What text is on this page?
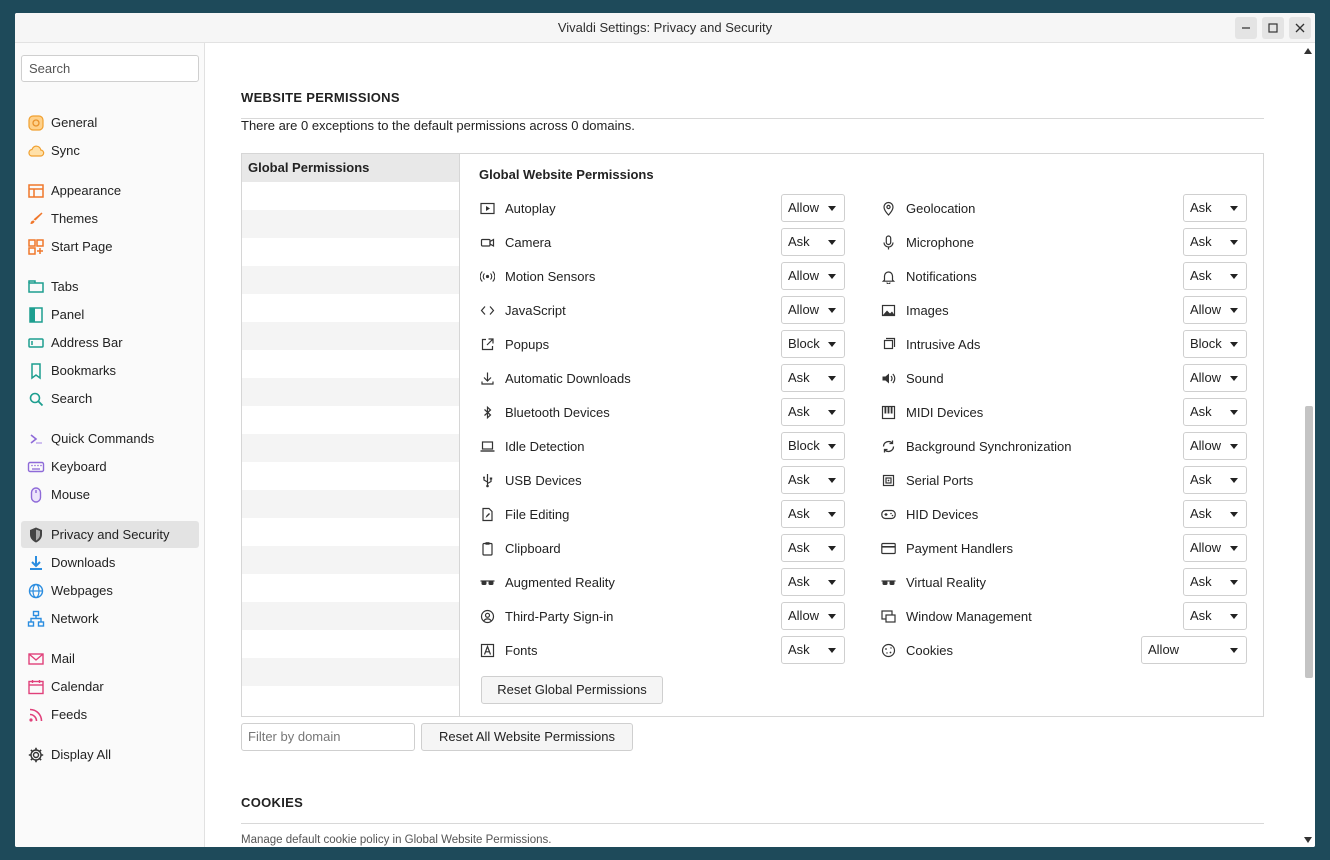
Vivaldi Settings: Privacy and Security
Search
General
Sync
Appearance
Themes
Start Page
Tabs
Panel
Address Bar
Bookmarks
Search
Quick Commands
Keyboard
Mouse
Privacy and Security
Downloads
Webpages
Network
Mail
Calendar
Feeds
Display All
WEBSITE PERMISSIONS
There are 0 exceptions to the default permissions across 0 domains.
Global Permissions	Global Website Permissions
Autoplay	Allow
Camera	Ask
Motion Sensors	Allow
JavaScript	Allow
Popups	Block
Automatic Downloads	Ask
Bluetooth Devices	Ask
Idle Detection	Block
USB Devices	Ask
File Editing	Ask
Clipboard	Ask
Augmented Reality	Ask
Third-Party Sign-in	Allow
Fonts	Ask
Geolocation	Ask
Microphone	Ask
Notifications	Ask
Images	Allow
Intrusive Ads	Block
Sound	Allow
MIDI Devices	Ask
Background Synchronization	Allow
Serial Ports	Ask
HID Devices	Ask
Payment Handlers	Allow
Virtual Reality	Ask
Window Management	Ask
Cookies	Allow
Reset Global Permissions
Filter by domain	Reset All Website Permissions
COOKIES
Manage default cookie policy in Global Website Permissions.
